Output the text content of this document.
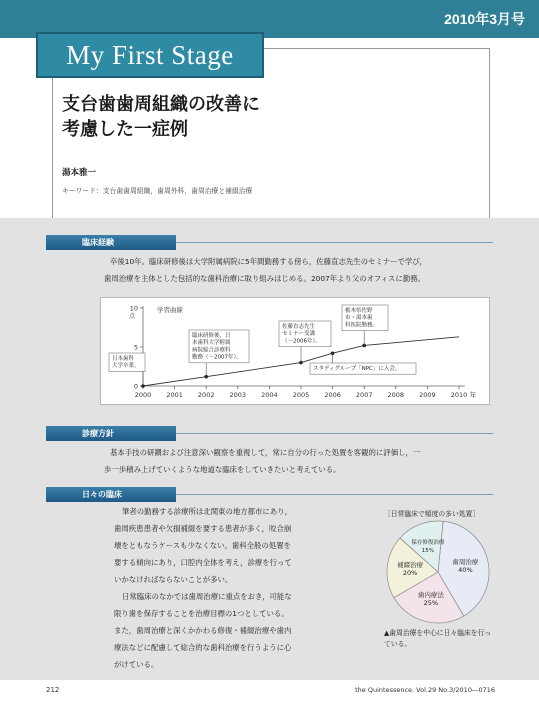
2010年3月号
My First Stage
支台歯歯周組織の改善に
考慮した一症例
湯本雅一
キーワード：支台歯歯周組織，歯周外科，歯周治療と補綴治療
臨床経験
卒後10年。臨床研修後は大学附属病院に5年間勤務する傍ら，佐藤直志先生のセミナーで学び，
歯周治療を主体とした包括的な歯科治療に取り組みはじめる。2007年より父のオフィスに勤務。
0
5
10
点
2000 2001 2002 2003 2004 2005 2006 2007 2008 2009 2010 年
学習曲線
日本歯科
大学卒業。
臨床研修後，日
本歯科大学附属
病院総合診療科
勤務（〜2007年）。
佐藤直志先生
セミナー受講
（〜2006年）。
スタディグループ「NPC」に入会。
栃木県佐野
市・湯本歯
科医院勤務。
診療方針
基本手技の研鑽および注意深い観察を重視して，常に自分の行った処置を客観的に評価し，一
歩一歩積み上げていくような地道な臨床をしていきたいと考えている。
日々の臨床
筆者の勤務する診療所は北関東の地方都市にあり，
歯周疾患患者や欠損補綴を要する患者が多く，咬合崩
壊をともなうケースも少なくない。歯科全般の処置を
要する傾向にあり，口腔内全体を考え，診療を行って
いかなければならないことが多い。
日常臨床のなかでは歯周治療に重点をおき，可能な
限り歯を保存することを治療目標の1つとしている。
また，歯周治療と深くかかわる修復・補綴治療や歯内
療法などに配慮して総合的な歯科治療を行うように心
がけている。
［日常臨床で頻度の多い処置］
歯周治療
40%
歯内療法
25%
補綴治療
20%
保存修復治療
15%
▲歯周治療を中心に日々臨床を行っている。
212	the Quintessence. Vol.29 No.3/2010―0716
